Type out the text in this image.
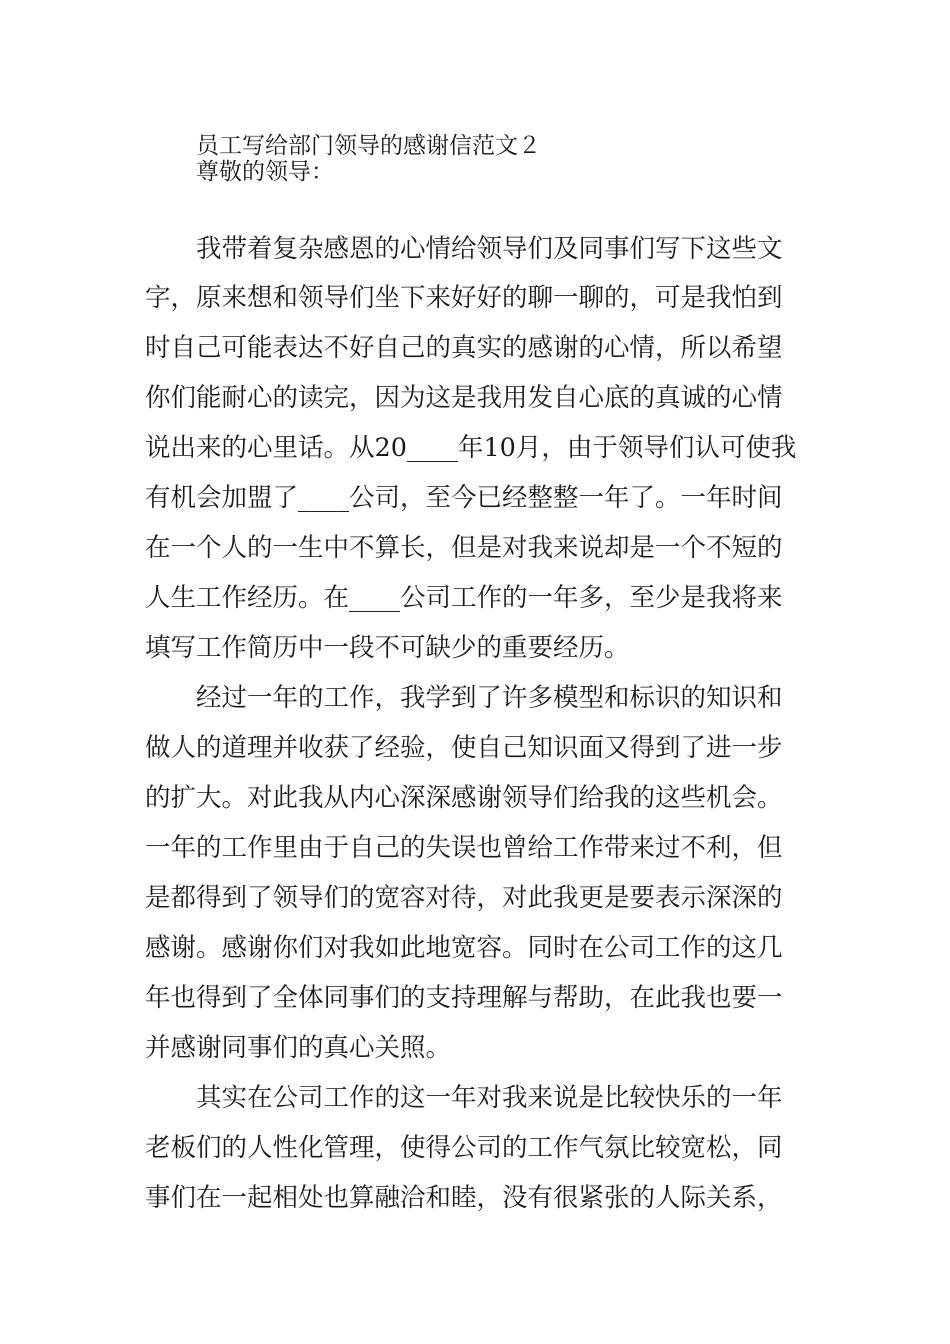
员工写给部门领导的感谢信范文２
尊敬的领导：
我带着复杂感恩的心情给领导们及同事们写下这些文
字，原来想和领导们坐下来好好的聊一聊的，可是我怕到
时自己可能表达不好自己的真实的感谢的心情，所以希望
你们能耐心的读完，因为这是我用发自心底的真诚的心情
说出来的心里话。从20____年10月，由于领导们认可使我
有机会加盟了____公司，至今已经整整一年了。一年时间
在一个人的一生中不算长，但是对我来说却是一个不短的
人生工作经历。在____公司工作的一年多，至少是我将来
填写工作简历中一段不可缺少的重要经历。
经过一年的工作，我学到了许多模型和标识的知识和
做人的道理并收获了经验，使自己知识面又得到了进一步
的扩大。对此我从内心深深感谢领导们给我的这些机会。
一年的工作里由于自己的失误也曾给工作带来过不利，但
是都得到了领导们的宽容对待，对此我更是要表示深深的
感谢。感谢你们对我如此地宽容。同时在公司工作的这几
年也得到了全体同事们的支持理解与帮助，在此我也要一
并感谢同事们的真心关照。
其实在公司工作的这一年对我来说是比较快乐的一年
老板们的人性化管理，使得公司的工作气氛比较宽松，同
事们在一起相处也算融洽和睦，没有很紧张的人际关系，
